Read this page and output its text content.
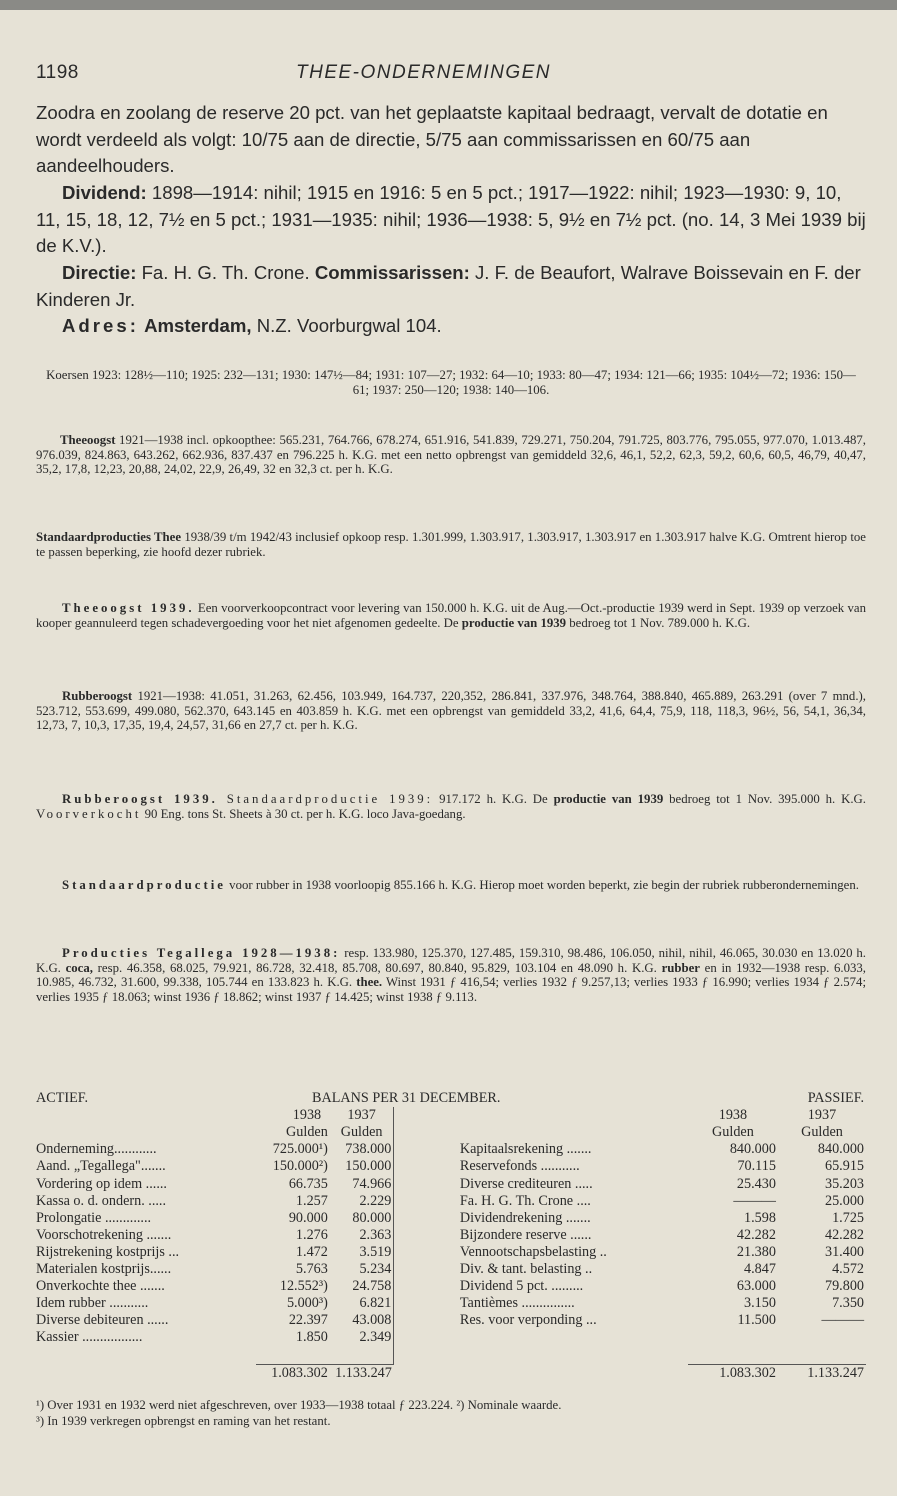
1198	THEE-ONDERNEMINGEN
Zoodra en zoolang de reserve 20 pct. van het geplaatste kapitaal bedraagt, vervalt de dotatie en wordt verdeeld als volgt: 10/75 aan de directie, 5/75 aan commissarissen en 60/75 aan aandeelhouders.
Dividend: 1898—1914: nihil; 1915 en 1916: 5 en 5 pct.; 1917—1922: nihil; 1923—1930: 9, 10, 11, 15, 18, 12, 7½ en 5 pct.; 1931—1935: nihil; 1936—1938: 5, 9½ en 7½ pct. (no. 14, 3 Mei 1939 bij de K.V.).
Directie: Fa. H. G. Th. Crone. Commissarissen: J. F. de Beaufort, Walrave Boissevain en F. der Kinderen Jr.
Adres: Amsterdam, N.Z. Voorburgwal 104.
Koersen 1923: 128½—110; 1925: 232—131; 1930: 147½—84; 1931: 107—27; 1932: 64—10; 1933: 80—47; 1934: 121—66; 1935: 104½—72; 1936: 150—61; 1937: 250—120; 1938: 140—106.
Theeoogst 1921—1938 incl. opkoopthee: 565.231, 764.766, 678.274, 651.916, 541.839, 729.271, 750.204, 791.725, 803.776, 795.055, 977.070, 1.013.487, 976.039, 824.863, 643.262, 662.936, 837.437 en 796.225 h. K.G. met een netto opbrengst van gemiddeld 32,6, 46,1, 52,2, 62,3, 59,2, 60,6, 60,5, 46,79, 40,47, 35,2, 17,8, 12,23, 20,88, 24,02, 22,9, 26,49, 32 en 32,3 ct. per h. K.G.
Standaardproducties Thee 1938/39 t/m 1942/43 inclusief opkoop resp. 1.301.999, 1.303.917, 1.303.917, 1.303.917 en 1.303.917 halve K.G. Omtrent hierop toe te passen beperking, zie hoofd dezer rubriek.
Theeoogst 1939. Een voorverkoopcontract voor levering van 150.000 h. K.G. uit de Aug.—Oct.-productie 1939 werd in Sept. 1939 op verzoek van kooper geannuleerd tegen schadevergoeding voor het niet afgenomen gedeelte. De productie van 1939 bedroeg tot 1 Nov. 789.000 h. K.G.
Rubberoogst 1921—1938: 41.051, 31.263, 62.456, 103.949, 164.737, 220,352, 286.841, 337.976, 348.764, 388.840, 465.889, 263.291 (over 7 mnd.), 523.712, 553.699, 499.080, 562.370, 643.145 en 403.859 h. K.G. met een opbrengst van gemiddeld 33,2, 41,6, 64,4, 75,9, 118, 118,3, 96½, 56, 54,1, 36,34, 12,73, 7, 10,3, 17,35, 19,4, 24,57, 31,66 en 27,7 ct. per h. K.G.
Rubberoogst 1939. Standaardproductie 1939: 917.172 h. K.G. De productie van 1939 bedroeg tot 1 Nov. 395.000 h. K.G. Voorverkocht 90 Eng. tons St. Sheets à 30 ct. per h. K.G. loco Java-goedang.
Standaardproductie voor rubber in 1938 voorloopig 855.166 h. K.G. Hierop moet worden beperkt, zie begin der rubriek rubberondernemingen.
Producties Tegallega 1928—1938: resp. 133.980, 125.370, 127.485, 159.310, 98.486, 106.050, nihil, nihil, 46.065, 30.030 en 13.020 h. K.G. coca, resp. 46.358, 68.025, 79.921, 86.728, 32.418, 85.708, 80.697, 80.840, 95.829, 103.104 en 48.090 h. K.G. rubber en in 1932—1938 resp. 6.033, 10.985, 46.732, 31.600, 99.338, 105.744 en 133.823 h. K.G. thee. Winst 1931 ƒ 416,54; verlies 1932 ƒ 9.257,13; verlies 1933 ƒ 16.990; verlies 1934 ƒ 2.574; verlies 1935 ƒ 18.063; winst 1936 ƒ 18.862; winst 1937 ƒ 14.425; winst 1938 ƒ 9.113.
ACTIEF.	BALANS PER 31 DECEMBER.					PASSIEF.
	1938	1937			1938	1937
	Gulden	Gulden			Gulden	Gulden
Onderneming............	725.000¹)	738.000		Kapitaalsrekening .......	840.000	840.000
Aand. „Tegallega".......	150.000²)	150.000		Reservefonds ...........	70.115	65.915
Vordering op idem ......	66.735	74.966		Diverse crediteuren .....	25.430	35.203
Kassa o. d. ondern. .....	1.257	2.229		Fa. H. G. Th. Crone ....	———	25.000
Prolongatie .............	90.000	80.000		Dividendrekening .......	1.598	1.725
Voorschotrekening .......	1.276	2.363		Bijzondere reserve ......	42.282	42.282
Rijstrekening kostprijs ...	1.472	3.519		Vennootschapsbelasting ..	21.380	31.400
Materialen kostprijs......	5.763	5.234		Div. & tant. belasting ..	4.847	4.572
Onverkochte thee .......	12.552³)	24.758		Dividend 5 pct. .........	63.000	79.800
Idem rubber ...........	5.000³)	6.821		Tantièmes ...............	3.150	7.350
Diverse debiteuren ......	22.397	43.008		Res. voor verponding ...	11.500	———
Kassier .................	1.850	2.349				

	1.083.302	1.133.247			1.083.302	1.133.247
¹) Over 1931 en 1932 werd niet afgeschreven, over 1933—1938 totaal ƒ 223.224. ²) Nominale waarde.
³) In 1939 verkregen opbrengst en raming van het restant.
